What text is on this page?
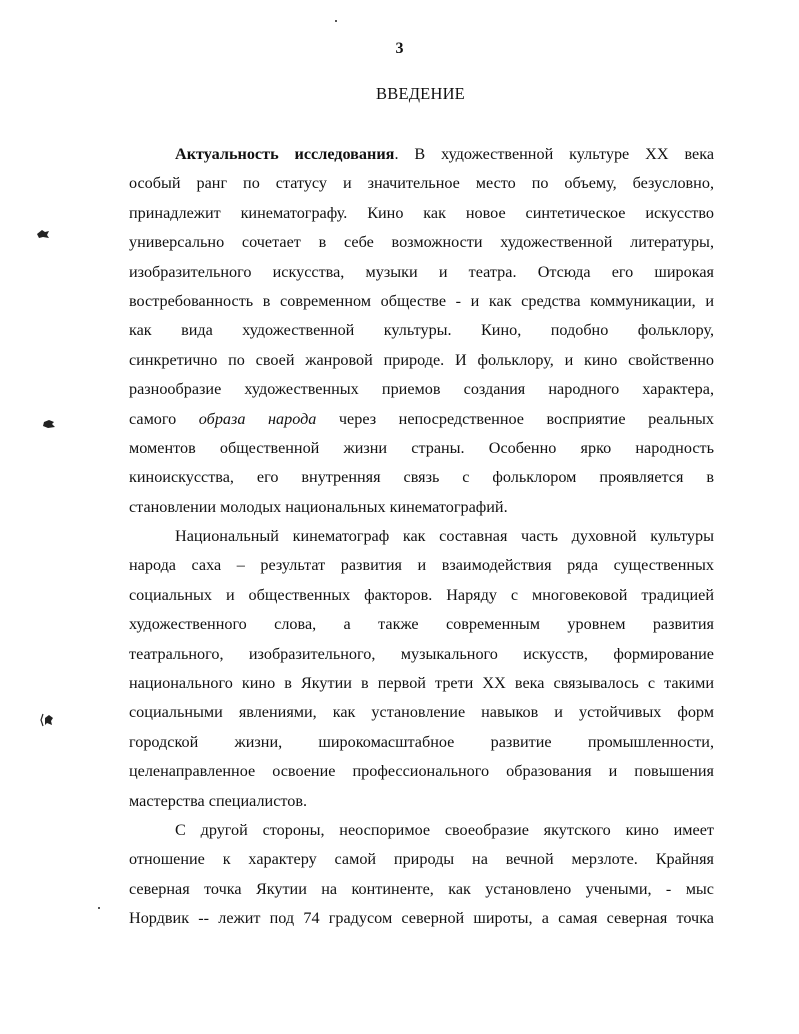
3
ВВЕДЕНИЕ
Актуальность исследования. В художественной культуре XX века
особый ранг по статусу и значительное место по объему, безусловно,
принадлежит кинематографу. Кино как новое синтетическое искусство
универсально сочетает в себе возможности художественной литературы,
изобразительного искусства, музыки и театра. Отсюда его широкая
востребованность в современном обществе - и как средства коммуникации, и
как вида художественной культуры. Кино, подобно фольклору,
синкретично по своей жанровой природе. И фольклору, и кино свойственно
разнообразие художественных приемов создания народного характера,
самого образа народа через непосредственное восприятие реальных
моментов общественной жизни страны. Особенно ярко народность
киноискусства, его внутренняя связь с фольклором проявляется в
становлении молодых национальных кинематографий.
Национальный кинематограф как составная часть духовной культуры
народа саха – результат развития и взаимодействия ряда существенных
социальных и общественных факторов. Наряду с многовековой традицией
художественного слова, а также современным уровнем развития
театрального, изобразительного, музыкального искусств, формирование
национального кино в Якутии в первой трети XX века связывалось с такими
социальными явлениями, как установление навыков и устойчивых форм
городской жизни, широкомасштабное развитие промышленности,
целенаправленное освоение профессионального образования и повышения
мастерства специалистов.
С другой стороны, неоспоримое своеобразие якутского кино имеет
отношение к характеру самой природы на вечной мерзлоте. Крайняя
северная точка Якутии на континенте, как установлено учеными, - мыс
Нордвик -- лежит под 74 градусом северной широты, а самая северная точка
